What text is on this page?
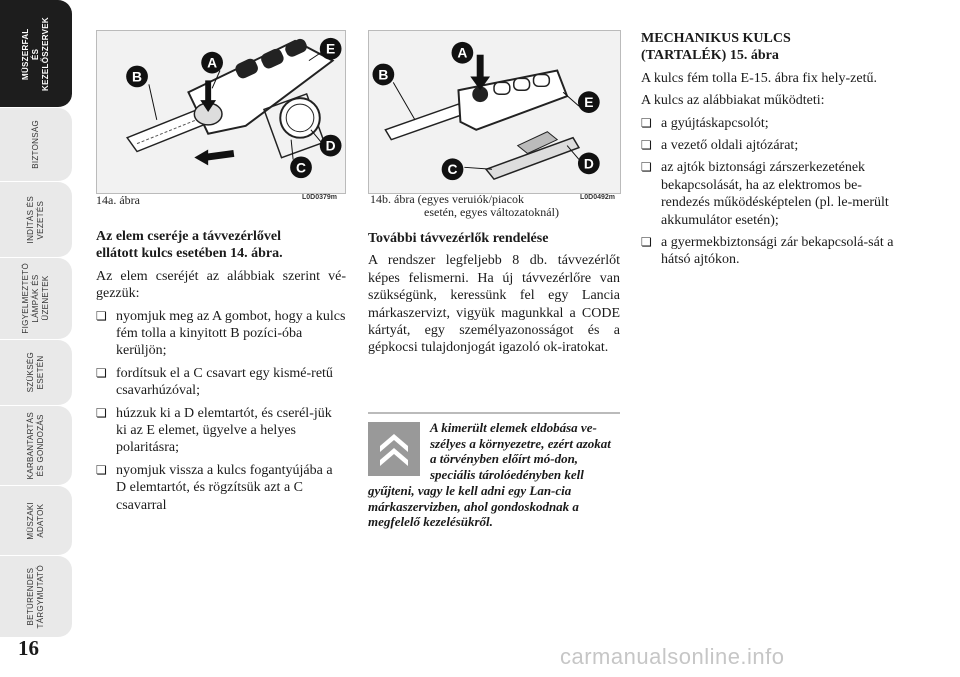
MŰSZERFAL
ÉS
KEZELŐSZERVEK
BIZTONSÁG
INDÍTÁS ÉS
VEZETÉS
FIGYELMEZTETŐ
LÁMPÁK ÉS
ÜZENETEK
SZÜKSÉG
ESETÉN
KARBANTARTÁS
ÉS GONDOZÁS
MŰSZAKI
ADATOK
BETŰRENDES
TÁRGYMUTATÓ
16
A
B
C
D
E
14a. ábra	L0D0379m
A
B
C	D
E
14b. ábra (egyes veruiók/piacok
esetén, egyes változatoknál)
L0D0492m
Az elem cseréje a távvezérlővel
ellátott kulcs esetében 14. ábra.

Az elem cseréjét az alábbiak szerint vé-gezzük:

❏ nyomjuk meg az A gombot, hogy a kulcs fém tolla a kinyitott B pozíci-óba kerüljön;
❏ fordítsuk el a C csavart egy kismé-retű csavarhúzóval;
❏ húzzuk ki a D elemtartót, és cserél-jük ki az E elemet, ügyelve a helyes polaritásra;
❏ nyomjuk vissza a kulcs fogantyújába a D elemtartót, és rögzítsük azt a C csavarral
További távvezérlők rendelése

A rendszer legfeljebb 8 db. távvezérlőt képes felismerni. Ha új távvezérlőre van szükségünk, keressünk fel egy Lancia márkaszervizt, vigyük magunkkal a CODE kártyát, egy személyazonosságot és a gépkocsi tulajdonjogát igazoló ok-iratokat.

A kimerült elemek eldobása ve-szélyes a környezetre, ezért azokat a törvényben előírt mó-don, speciális tárolóedényben kell gyűjteni, vagy le kell adni egy Lan-cia márkaszervizben, ahol gondoskodnak a megfelelő kezelésükről.
MECHANIKUS KULCS
(TARTALÉK) 15. ábra

A kulcs fém tolla E-15. ábra fix hely-zetű.

A kulcs az alábbiakat működteti:

❏ a gyújtáskapcsolót;
❏ a vezető oldali ajtózárat;
❏ az ajtók biztonsági zárszerkezetének bekapcsolását, ha az elektromos be-rendezés működésképtelen (pl. le-merült akkumulátor esetén);
❏ a gyermekbiztonsági zár bekapcsolá-sát a hátsó ajtókon.
carmanualsonline.info
